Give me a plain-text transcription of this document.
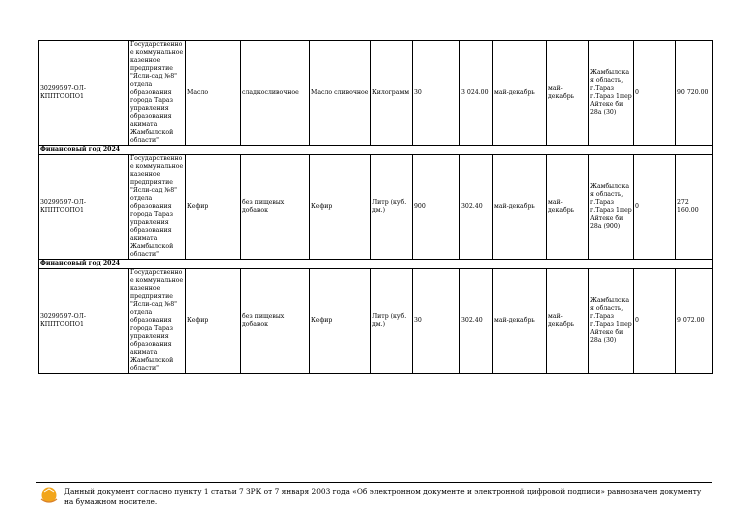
30299597-ОЛ-КППТСОПО1	Государственное коммунальное казенное предприятие "Ясли-сад №8" отдела образования города Тараз управления образования акимата Жамбылской области"	Масло	сладкосливочное	Масло сливочное	Килограмм	30	3 024.00	май-декабрь	май-декабрь	Жамбылская область, г.Тараз г.Тараз 1пер Айтеке би 28а (30)	0	90 720.00
Финансовый год 2024												
30299597-ОЛ-КППТСОПО1	Государственное коммунальное казенное предприятие "Ясли-сад №8" отдела образования города Тараз управления образования акимата Жамбылской области"	Кефир	без пищевых добавок	Кефир	Литр (куб. дм.)	900	302.40	май-декабрь	май-декабрь	Жамбылская область, г.Тараз г.Тараз 1пер Айтеке би 28а (900)	0	272 160.00
Финансовый год 2024												
30299597-ОЛ-КППТСОПО1	Государственное коммунальное казенное предприятие "Ясли-сад №8" отдела образования города Тараз управления образования акимата Жамбылской области"	Кефир	без пищевых добавок	Кефир	Литр (куб. дм.)	30	302.40	май-декабрь	май-декабрь	Жамбылская область, г.Тараз г.Тараз 1пер Айтеке би 28а (30)	0	9 072.00
Данный документ согласно пункту 1 статьи 7 ЗРК от 7 января 2003 года «Об электронном документе и электронной цифровой подписи» равнозначен документу на бумажном носителе.
